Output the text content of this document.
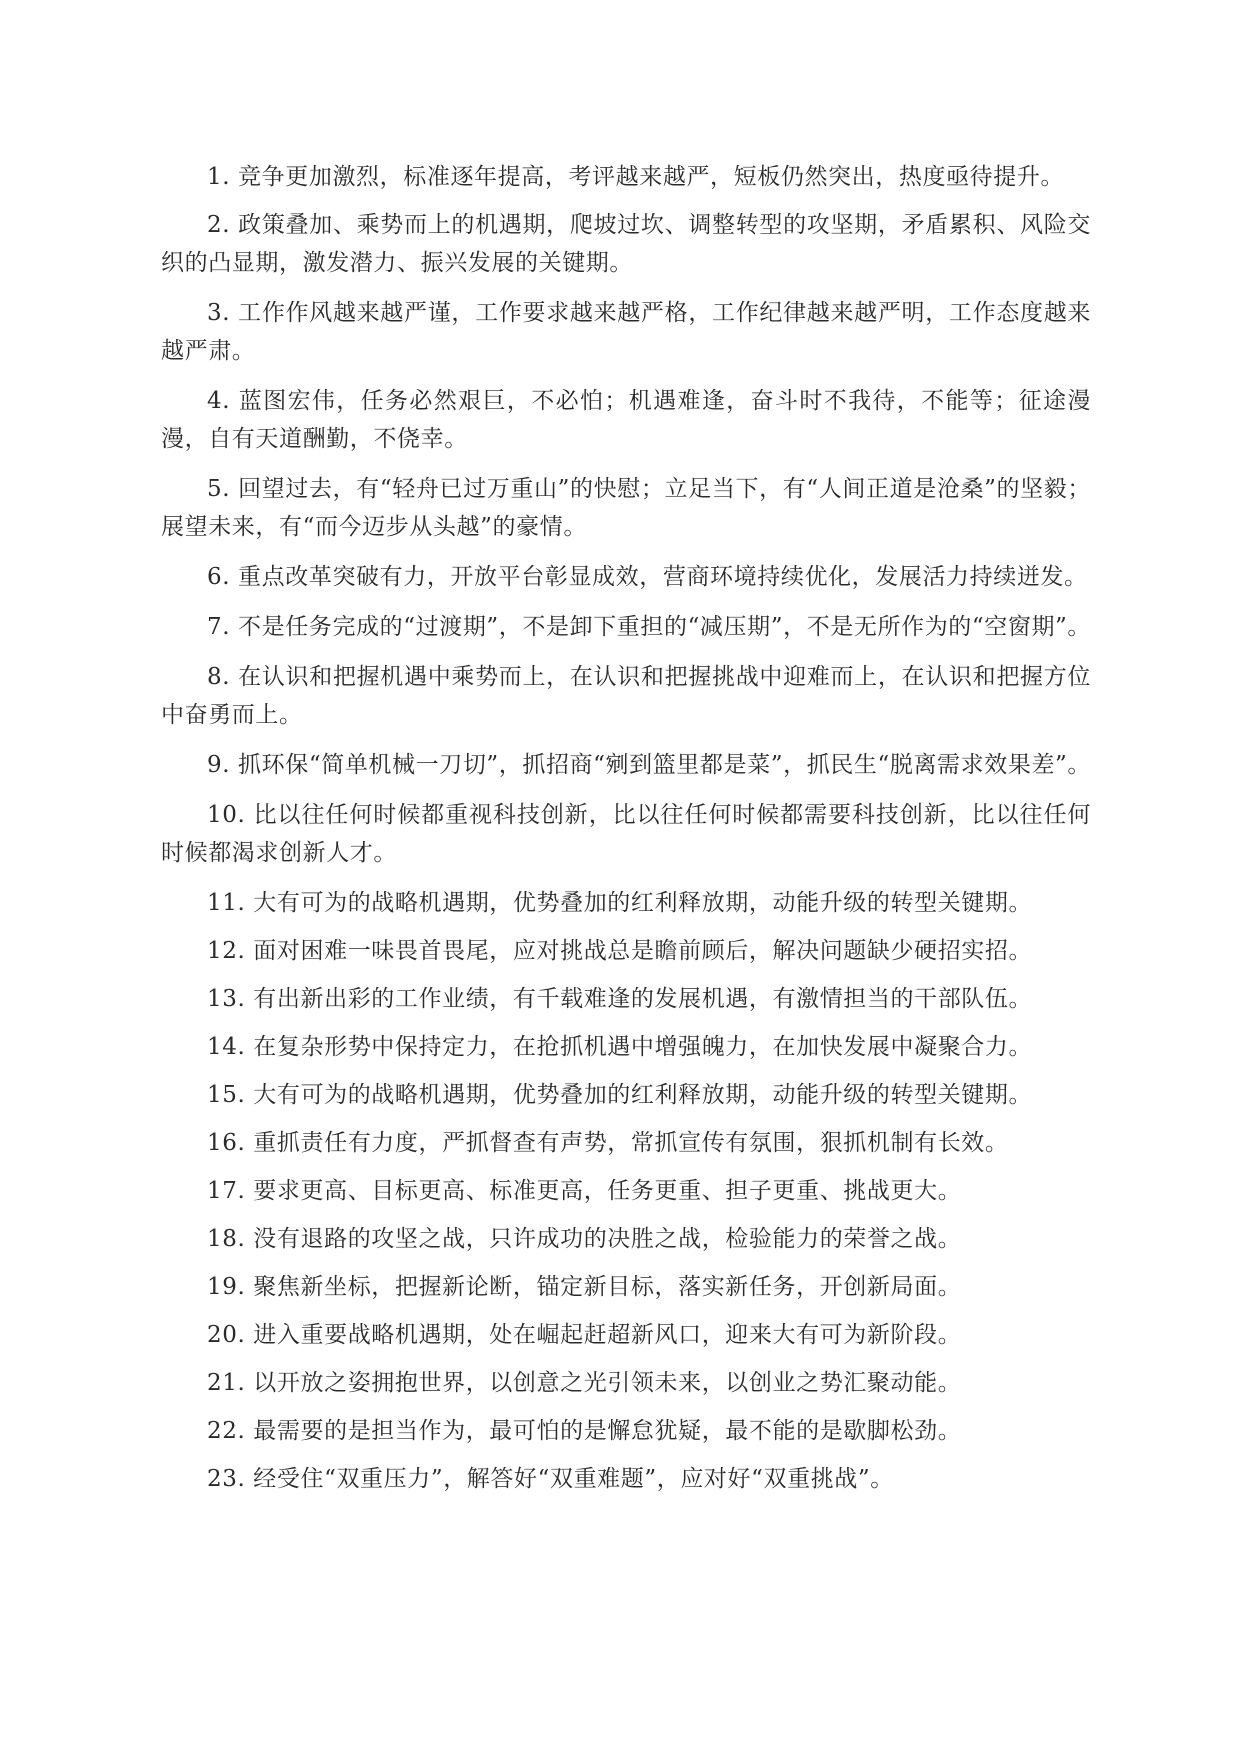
1. 竞争更加激烈，标准逐年提高，考评越来越严，短板仍然突出，热度亟待提升。

2. 政策叠加、乘势而上的机遇期，爬坡过坎、调整转型的攻坚期，矛盾累积、风险交织的凸显期，激发潜力、振兴发展的关键期。

3. 工作作风越来越严谨，工作要求越来越严格，工作纪律越来越严明，工作态度越来越严肃。

4. 蓝图宏伟，任务必然艰巨，不必怕；机遇难逢，奋斗时不我待，不能等；征途漫漫，自有天道酬勤，不侥幸。

5. 回望过去，有“轻舟已过万重山”的快慰；立足当下，有“人间正道是沧桑”的坚毅；展望未来，有“而今迈步从头越”的豪情。

6. 重点改革突破有力，开放平台彰显成效，营商环境持续优化，发展活力持续迸发。

7. 不是任务完成的“过渡期”，不是卸下重担的“减压期”，不是无所作为的“空窗期”。

8. 在认识和把握机遇中乘势而上，在认识和把握挑战中迎难而上，在认识和把握方位中奋勇而上。

9. 抓环保“简单机械一刀切”，抓招商“剜到篮里都是菜”，抓民生“脱离需求效果差”。

10. 比以往任何时候都重视科技创新，比以往任何时候都需要科技创新，比以往任何时候都渴求创新人才。

11. 大有可为的战略机遇期，优势叠加的红利释放期，动能升级的转型关键期。

12. 面对困难一味畏首畏尾，应对挑战总是瞻前顾后，解决问题缺少硬招实招。

13. 有出新出彩的工作业绩，有千载难逢的发展机遇，有激情担当的干部队伍。

14. 在复杂形势中保持定力，在抢抓机遇中增强魄力，在加快发展中凝聚合力。

15. 大有可为的战略机遇期，优势叠加的红利释放期，动能升级的转型关键期。

16. 重抓责任有力度，严抓督查有声势，常抓宣传有氛围，狠抓机制有长效。

17. 要求更高、目标更高、标准更高，任务更重、担子更重、挑战更大。

18. 没有退路的攻坚之战，只许成功的决胜之战，检验能力的荣誉之战。

19. 聚焦新坐标，把握新论断，锚定新目标，落实新任务，开创新局面。

20. 进入重要战略机遇期，处在崛起赶超新风口，迎来大有可为新阶段。

21. 以开放之姿拥抱世界，以创意之光引领未来，以创业之势汇聚动能。

22. 最需要的是担当作为，最可怕的是懈怠犹疑，最不能的是歇脚松劲。

23. 经受住“双重压力”，解答好“双重难题”，应对好“双重挑战”。
